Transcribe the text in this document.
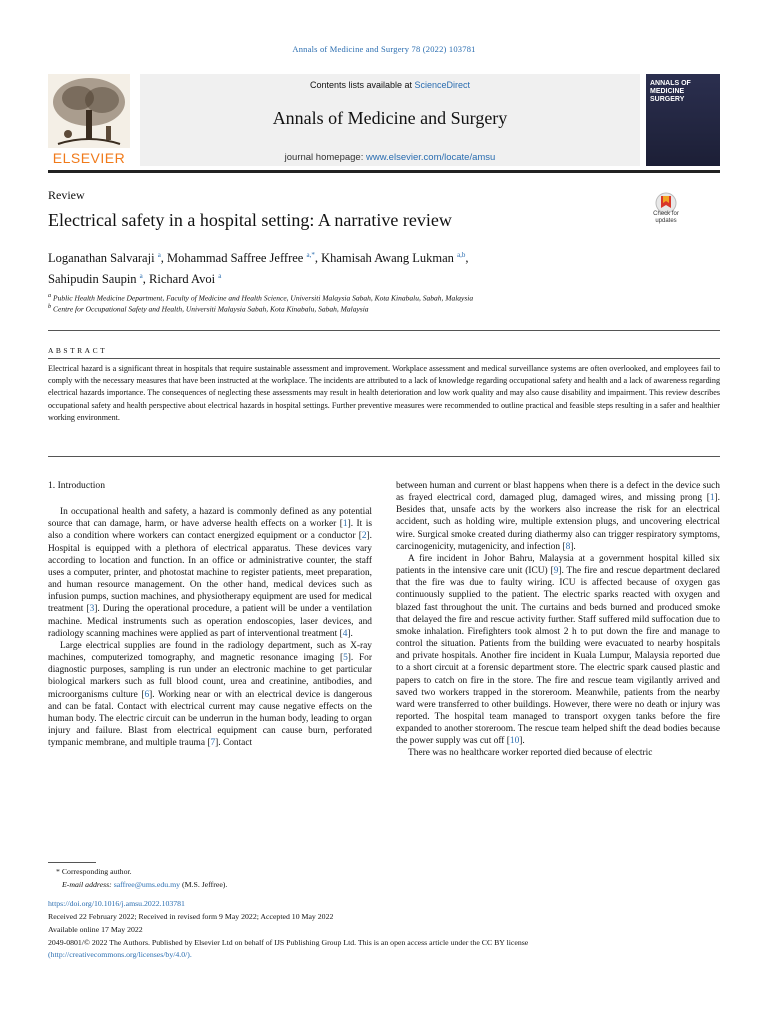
Annals of Medicine and Surgery 78 (2022) 103781
ELSEVIER
Contents lists available at ScienceDirect
Annals of Medicine and Surgery
journal homepage: www.elsevier.com/locate/amsu
ANNALS OF
MEDICINE
SURGERY
Review
Electrical safety in a hospital setting: A narrative review	Check for
updates
Loganathan Salvaraji $^a$, Mohammad Saffree Jeffree $^{a,*}$, Khamisah Awang Lukman $^{a,b}$,
Sahipudin Saupin $^a$, Richard Avoi $^a$
$^a$ Public Health Medicine Department, Faculty of Medicine and Health Science, Universiti Malaysia Sabah, Kota Kinabalu, Sabah, Malaysia
$^b$ Centre for Occupational Safety and Health, Universiti Malaysia Sabah, Kota Kinabalu, Sabah, Malaysia
ABSTRACT
Electrical hazard is a significant threat in hospitals that require sustainable assessment and improvement. Workplace assessment and medical surveillance systems are often overlooked, and employees fail to comply with the necessary measures that have been instructed at the workplace. The incidents are attributed to a lack of knowledge regarding occupational safety and health and a lack of awareness regarding electrical hazards importance. The consequences of neglecting these assessments may result in health deterioration and low work quality and may also cause disability and impairment. This review describes occupational safety and health perspective about electrical hazards in hospital settings. Further preventive measures were recommended to outline practical and feasible steps resulting in a safer and healthier working environment.

1. Introduction

In occupational health and safety, a hazard is commonly defined as any potential source that can damage, harm, or have adverse health effects on a worker [1]. It is also a condition where workers can contact energized equipment or a conductor [2]. Hospital is equipped with a plethora of electrical apparatus. These devices vary according to location and function. In an office or administrative counter, the staff uses a computer, printer, and photostat machine to register patients, meet preparation, and human resource management. On the other hand, medical devices such as infusion pumps, suction machines, and physiotherapy equipment are used for medical treatment [3]. During the operational procedure, a patient will be under a ventilation machine. Medical instruments such as operation endoscopies, laser devices, and radiology scanning machines were applied as part of interventional treatment [4].

Large electrical supplies are found in the radiology department, such as X-ray machines, computerized tomography, and magnetic resonance imaging [5]. For diagnostic purposes, sampling is run under an electronic machine to get particular biological markers such as full blood count, urea and creatinine, antibodies, and microorganisms culture [6]. Working near or with an electrical device is dangerous and can be fatal. Contact with electrical current may cause negative effects on the human body. The electric circuit can be underrun in the human body, leading to organ injury and failure. Blast from electrical equipment can cause burn, perforated tympanic membrane, and multiple trauma [7]. Contact

between human and current or blast happens when there is a defect in the device such as frayed electrical cord, damaged plug, damaged wires, and missing prong [1]. Besides that, unsafe acts by the workers also increase the risk for an electrical accident, such as holding wire, multiple extension plugs, and uncovering electrical wire. Surgical smoke created during diathermy also can trigger respiratory symptoms, carcinogenicity, mutagenicity, and infection [8].

A fire incident in Johor Bahru, Malaysia at a government hospital killed six patients in the intensive care unit (ICU) [9]. The fire and rescue department declared that the fire was due to faulty wiring. ICU is affected because of oxygen gas continuously supplied to the patient. The electric sparks reacted with oxygen and blazed fast throughout the unit. The curtains and beds burned and produced smoke that delayed the fire and rescue activity further. Staff suffered mild suffocation due to smoke inhalation. Firefighters took almost 2 h to put down the fire and manage to control the situation. Patients from the building were evacuated to nearby hospitals and private hospitals. Another fire incident in Kuala Lumpur, Malaysia reported due to a short circuit at a forensic department store. The electric spark caused plastic and papers to catch on fire in the store. The fire and rescue team vigilantly arrived and saved two workers trapped in the storeroom. Meanwhile, patients from the nearby ward were transferred to other buildings. However, there were no death or injury was reported. The hospital team managed to transport oxygen tanks before the fire expanded to another storeroom. The rescue team helped shift the dead bodies because the power supply was cut off [10].

There was no healthcare worker reported died because of electric

* Corresponding author.
E-mail address: saffree@ums.edu.my (M.S. Jeffree).
https://doi.org/10.1016/j.amsu.2022.103781
Received 22 February 2022; Received in revised form 9 May 2022; Accepted 10 May 2022
Available online 17 May 2022
2049-0801/© 2022 The Authors. Published by Elsevier Ltd on behalf of IJS Publishing Group Ltd. This is an open access article under the CC BY license
(http://creativecommons.org/licenses/by/4.0/).
